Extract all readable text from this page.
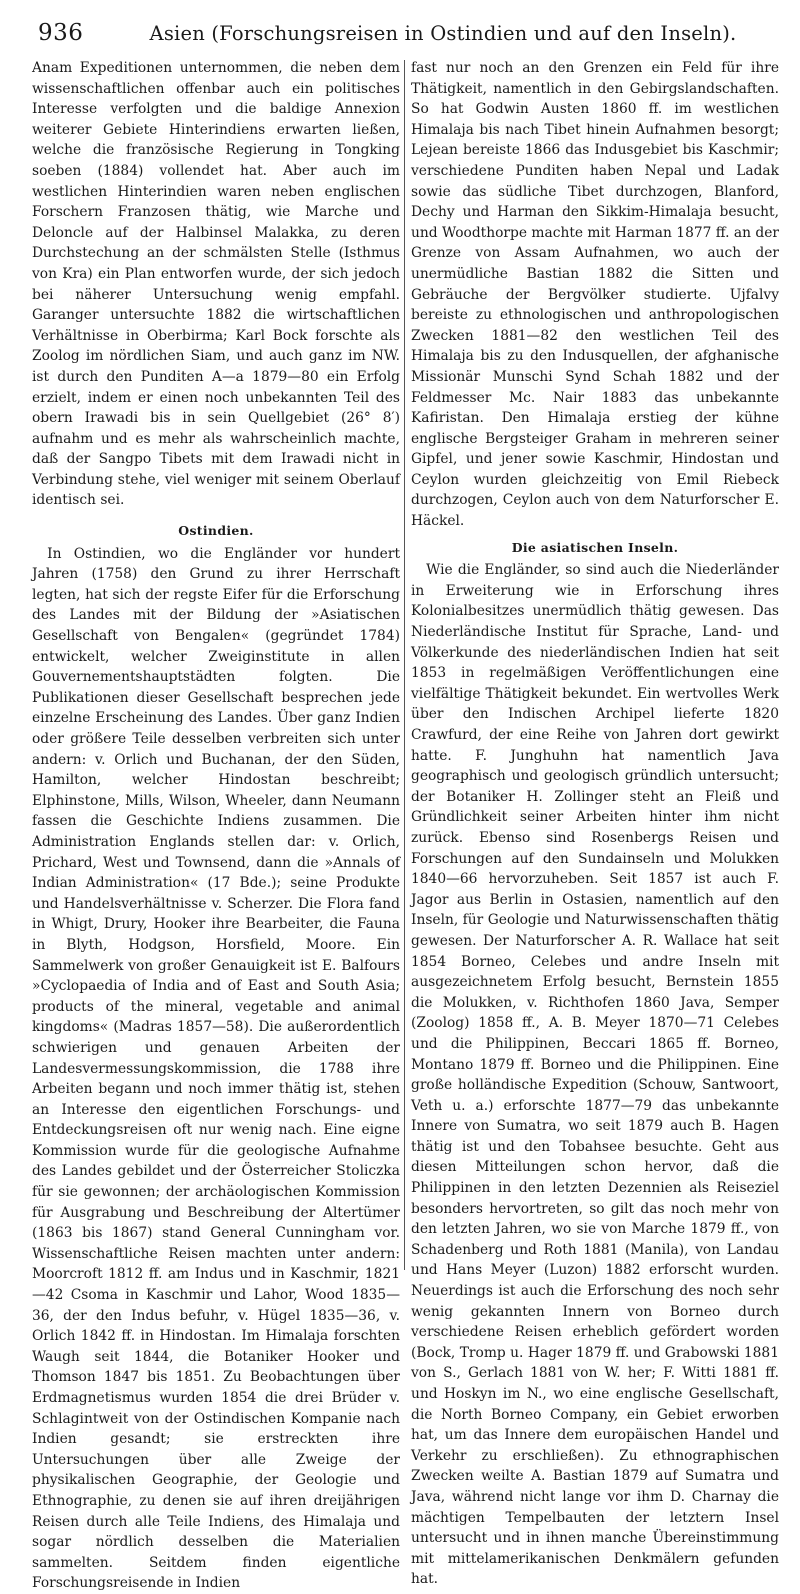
936	Asien (Forschungsreisen in Ostindien und auf den Inseln).

Anam Expeditionen unternommen, die neben dem wissenschaftlichen offenbar auch ein politisches Interesse verfolgten und die baldige Annexion weiterer Gebiete Hinterindiens erwarten ließen, welche die französische Regierung in Tongking soeben (1884) vollendet hat. Aber auch im westlichen Hinterindien waren neben englischen Forschern Franzosen thätig, wie Marche und Deloncle auf der Halbinsel Malakka, zu deren Durchstechung an der schmälsten Stelle (Isthmus von Kra) ein Plan entworfen wurde, der sich jedoch bei näherer Untersuchung wenig empfahl. Garanger untersuchte 1882 die wirtschaftlichen Verhältnisse in Oberbirma; Karl Bock forschte als Zoolog im nördlichen Siam, und auch ganz im NW. ist durch den Punditen A—a 1879—80 ein Erfolg erzielt, indem er einen noch unbekannten Teil des obern Irawadi bis in sein Quellgebiet (26° 8′) aufnahm und es mehr als wahrscheinlich machte, daß der Sangpo Tibets mit dem Irawadi nicht in Verbindung stehe, viel weniger mit seinem Oberlauf identisch sei.

Ostindien.

In Ostindien, wo die Engländer vor hundert Jahren (1758) den Grund zu ihrer Herrschaft legten, hat sich der regste Eifer für die Erforschung des Landes mit der Bildung der »Asiatischen Gesellschaft von Bengalen« (gegründet 1784) entwickelt, welcher Zweiginstitute in allen Gouvernementshauptstädten folgten. Die Publikationen dieser Gesellschaft besprechen jede einzelne Erscheinung des Landes. Über ganz Indien oder größere Teile desselben verbreiten sich unter andern: v. Orlich und Buchanan, der den Süden, Hamilton, welcher Hindostan beschreibt; Elphinstone, Mills, Wilson, Wheeler, dann Neumann fassen die Geschichte Indiens zusammen. Die Administration Englands stellen dar: v. Orlich, Prichard, West und Townsend, dann die »Annals of Indian Administration« (17 Bde.); seine Produkte und Handelsverhältnisse v. Scherzer. Die Flora fand in Whigt, Drury, Hooker ihre Bearbeiter, die Fauna in Blyth, Hodgson, Horsfield, Moore. Ein Sammelwerk von großer Genauigkeit ist E. Balfours »Cyclopaedia of India and of East and South Asia; products of the mineral, vegetable and animal kingdoms« (Madras 1857—58). Die außerordentlich schwierigen und genauen Arbeiten der Landesvermessungskommission, die 1788 ihre Arbeiten begann und noch immer thätig ist, stehen an Interesse den eigentlichen Forschungs- und Entdeckungsreisen oft nur wenig nach. Eine eigne Kommission wurde für die geologische Aufnahme des Landes gebildet und der Österreicher Stoliczka für sie gewonnen; der archäologischen Kommission für Ausgrabung und Beschreibung der Altertümer (1863 bis 1867) stand General Cunningham vor. Wissenschaftliche Reisen machten unter andern: Moorcroft 1812 ff. am Indus und in Kaschmir, 1821—42 Csoma in Kaschmir und Lahor, Wood 1835—36, der den Indus befuhr, v. Hügel 1835—36, v. Orlich 1842 ff. in Hindostan. Im Himalaja forschten Waugh seit 1844, die Botaniker Hooker und Thomson 1847 bis 1851. Zu Beobachtungen über Erdmagnetismus wurden 1854 die drei Brüder v. Schlagintweit von der Ostindischen Kompanie nach Indien gesandt; sie erstreckten ihre Untersuchungen über alle Zweige der physikalischen Geographie, der Geologie und Ethnographie, zu denen sie auf ihren dreijährigen Reisen durch alle Teile Indiens, des Himalaja und sogar nördlich desselben die Materialien sammelten. Seitdem finden eigentliche Forschungsreisende in Indien

fast nur noch an den Grenzen ein Feld für ihre Thätigkeit, namentlich in den Gebirgslandschaften. So hat Godwin Austen 1860 ff. im westlichen Himalaja bis nach Tibet hinein Aufnahmen besorgt; Lejean bereiste 1866 das Indusgebiet bis Kaschmir; verschiedene Punditen haben Nepal und Ladak sowie das südliche Tibet durchzogen, Blanford, Dechy und Harman den Sikkim-Himalaja besucht, und Woodthorpe machte mit Harman 1877 ff. an der Grenze von Assam Aufnahmen, wo auch der unermüdliche Bastian 1882 die Sitten und Gebräuche der Bergvölker studierte. Ujfalvy bereiste zu ethnologischen und anthropologischen Zwecken 1881—82 den westlichen Teil des Himalaja bis zu den Indusquellen, der afghanische Missionär Munschi Synd Schah 1882 und der Feldmesser Mc. Nair 1883 das unbekannte Kafiristan. Den Himalaja erstieg der kühne englische Bergsteiger Graham in mehreren seiner Gipfel, und jener sowie Kaschmir, Hindostan und Ceylon wurden gleichzeitig von Emil Riebeck durchzogen, Ceylon auch von dem Naturforscher E. Häckel.

Die asiatischen Inseln.

Wie die Engländer, so sind auch die Niederländer in Erweiterung wie in Erforschung ihres Kolonialbesitzes unermüdlich thätig gewesen. Das Niederländische Institut für Sprache, Land- und Völkerkunde des niederländischen Indien hat seit 1853 in regelmäßigen Veröffentlichungen eine vielfältige Thätigkeit bekundet. Ein wertvolles Werk über den Indischen Archipel lieferte 1820 Crawfurd, der eine Reihe von Jahren dort gewirkt hatte. F. Junghuhn hat namentlich Java geographisch und geologisch gründlich untersucht; der Botaniker H. Zollinger steht an Fleiß und Gründlichkeit seiner Arbeiten hinter ihm nicht zurück. Ebenso sind Rosenbergs Reisen und Forschungen auf den Sundainseln und Molukken 1840—66 hervorzuheben. Seit 1857 ist auch F. Jagor aus Berlin in Ostasien, namentlich auf den Inseln, für Geologie und Naturwissenschaften thätig gewesen. Der Naturforscher A. R. Wallace hat seit 1854 Borneo, Celebes und andre Inseln mit ausgezeichnetem Erfolg besucht, Bernstein 1855 die Molukken, v. Richthofen 1860 Java, Semper (Zoolog) 1858 ff., A. B. Meyer 1870—71 Celebes und die Philippinen, Beccari 1865 ff. Borneo, Montano 1879 ff. Borneo und die Philippinen. Eine große holländische Expedition (Schouw, Santwoort, Veth u. a.) erforschte 1877—79 das unbekannte Innere von Sumatra, wo seit 1879 auch B. Hagen thätig ist und den Tobahsee besuchte. Geht aus diesen Mitteilungen schon hervor, daß die Philippinen in den letzten Dezennien als Reiseziel besonders hervortreten, so gilt das noch mehr von den letzten Jahren, wo sie von Marche 1879 ff., von Schadenberg und Roth 1881 (Manila), von Landau und Hans Meyer (Luzon) 1882 erforscht wurden. Neuerdings ist auch die Erforschung des noch sehr wenig gekannten Innern von Borneo durch verschiedene Reisen erheblich gefördert worden (Bock, Tromp u. Hager 1879 ff. und Grabowski 1881 von S., Gerlach 1881 von W. her; F. Witti 1881 ff. und Hoskyn im N., wo eine englische Gesellschaft, die North Borneo Company, ein Gebiet erworben hat, um das Innere dem europäischen Handel und Verkehr zu erschließen). Zu ethnographischen Zwecken weilte A. Bastian 1879 auf Sumatra und Java, während nicht lange vor ihm D. Charnay die mächtigen Tempelbauten der letztern Insel untersucht und in ihnen manche Übereinstimmung mit mittelamerikanischen Denkmälern gefunden hat.
